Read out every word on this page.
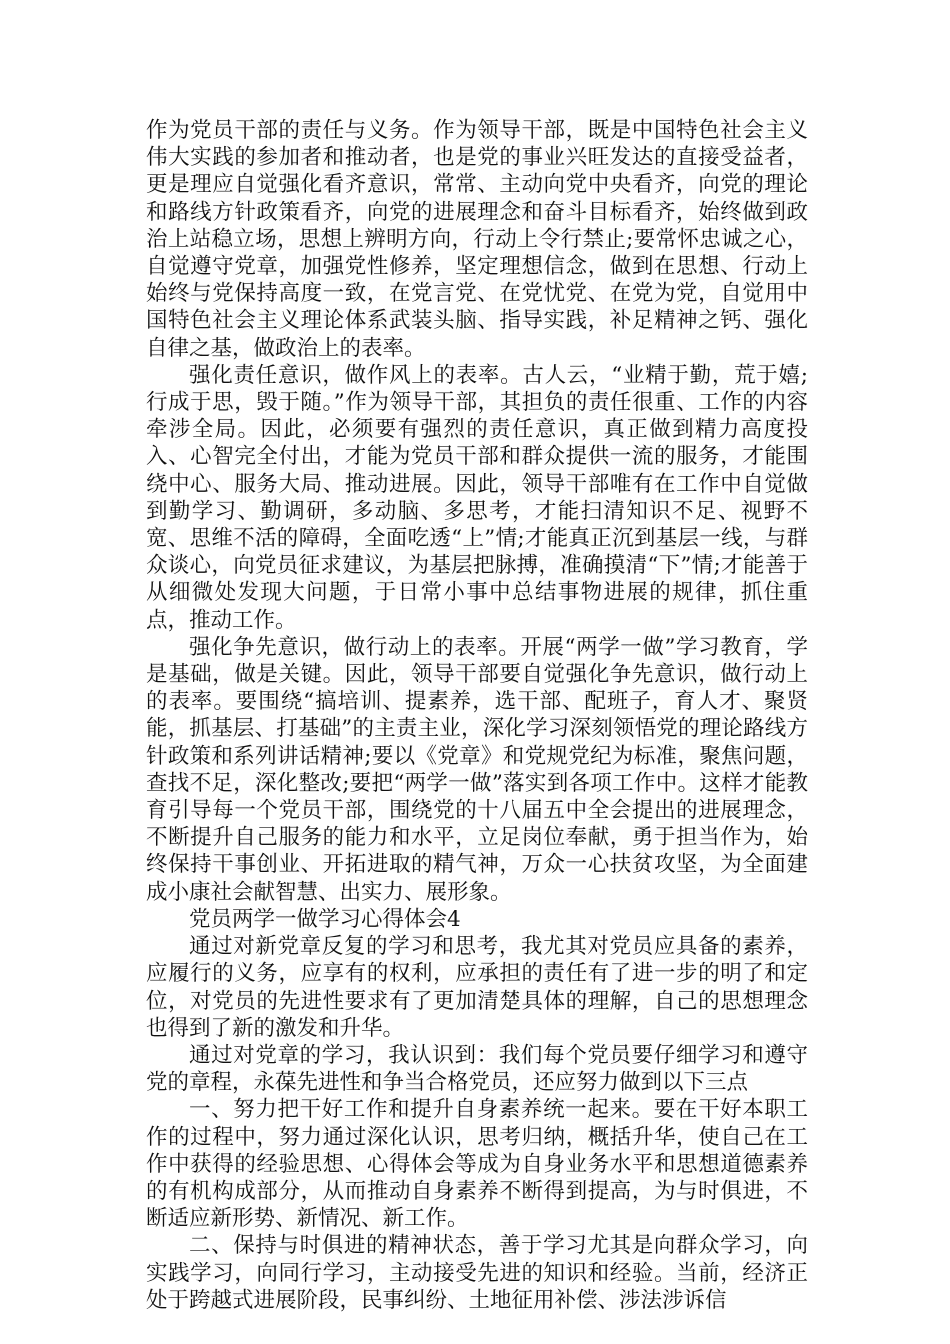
作为党员干部的责任与义务。作为领导干部，既是中国特色社会主义伟大实践的参加者和推动者，也是党的事业兴旺发达的直接受益者，更是理应自觉强化看齐意识，常常、主动向党中央看齐，向党的理论和路线方针政策看齐，向党的进展理念和奋斗目标看齐，始终做到政治上站稳立场，思想上辨明方向，行动上令行禁止;要常怀忠诚之心，自觉遵守党章，加强党性修养，坚定理想信念，做到在思想、行动上始终与党保持高度一致，在党言党、在党忧党、在党为党，自觉用中国特色社会主义理论体系武装头脑、指导实践，补足精神之钙、强化自律之基，做政治上的表率。

强化责任意识，做作风上的表率。古人云，“业精于勤，荒于嬉;行成于思，毁于随。”作为领导干部，其担负的责任很重、工作的内容牵涉全局。因此，必须要有强烈的责任意识，真正做到精力高度投入、心智完全付出，才能为党员干部和群众提供一流的服务，才能围绕中心、服务大局、推动进展。因此，领导干部唯有在工作中自觉做到勤学习、勤调研，多动脑、多思考，才能扫清知识不足、视野不宽、思维不活的障碍，全面吃透“上”情;才能真正沉到基层一线，与群众谈心，向党员征求建议，为基层把脉搏，准确摸清“下”情;才能善于从细微处发现大问题，于日常小事中总结事物进展的规律，抓住重点，推动工作。

强化争先意识，做行动上的表率。开展“两学一做”学习教育，学是基础，做是关键。因此，领导干部要自觉强化争先意识，做行动上的表率。要围绕“搞培训、提素养，选干部、配班子，育人才、聚贤能，抓基层、打基础”的主责主业，深化学习深刻领悟党的理论路线方针政策和系列讲话精神;要以《党章》和党规党纪为标准，聚焦问题，查找不足，深化整改;要把“两学一做”落实到各项工作中。这样才能教育引导每一个党员干部，围绕党的十八届五中全会提出的进展理念，不断提升自己服务的能力和水平，立足岗位奉献，勇于担当作为，始终保持干事创业、开拓进取的精气神，万众一心扶贫攻坚，为全面建成小康社会献智慧、出实力、展形象。

党员两学一做学习心得体会4

通过对新党章反复的学习和思考，我尤其对党员应具备的素养，应履行的义务，应享有的权利，应承担的责任有了进一步的明了和定位，对党员的先进性要求有了更加清楚具体的理解，自己的思想理念也得到了新的激发和升华。

通过对党章的学习，我认识到：我们每个党员要仔细学习和遵守党的章程，永葆先进性和争当合格党员，还应努力做到以下三点

一、努力把干好工作和提升自身素养统一起来。要在干好本职工作的过程中，努力通过深化认识，思考归纳，概括升华，使自己在工作中获得的经验思想、心得体会等成为自身业务水平和思想道德素养的有机构成部分，从而推动自身素养不断得到提高，为与时俱进，不断适应新形势、新情况、新工作。

二、保持与时俱进的精神状态，善于学习尤其是向群众学习，向实践学习，向同行学习，主动接受先进的知识和经验。当前，经济正处于跨越式进展阶段，民事纠纷、土地征用补偿、涉法涉诉信
